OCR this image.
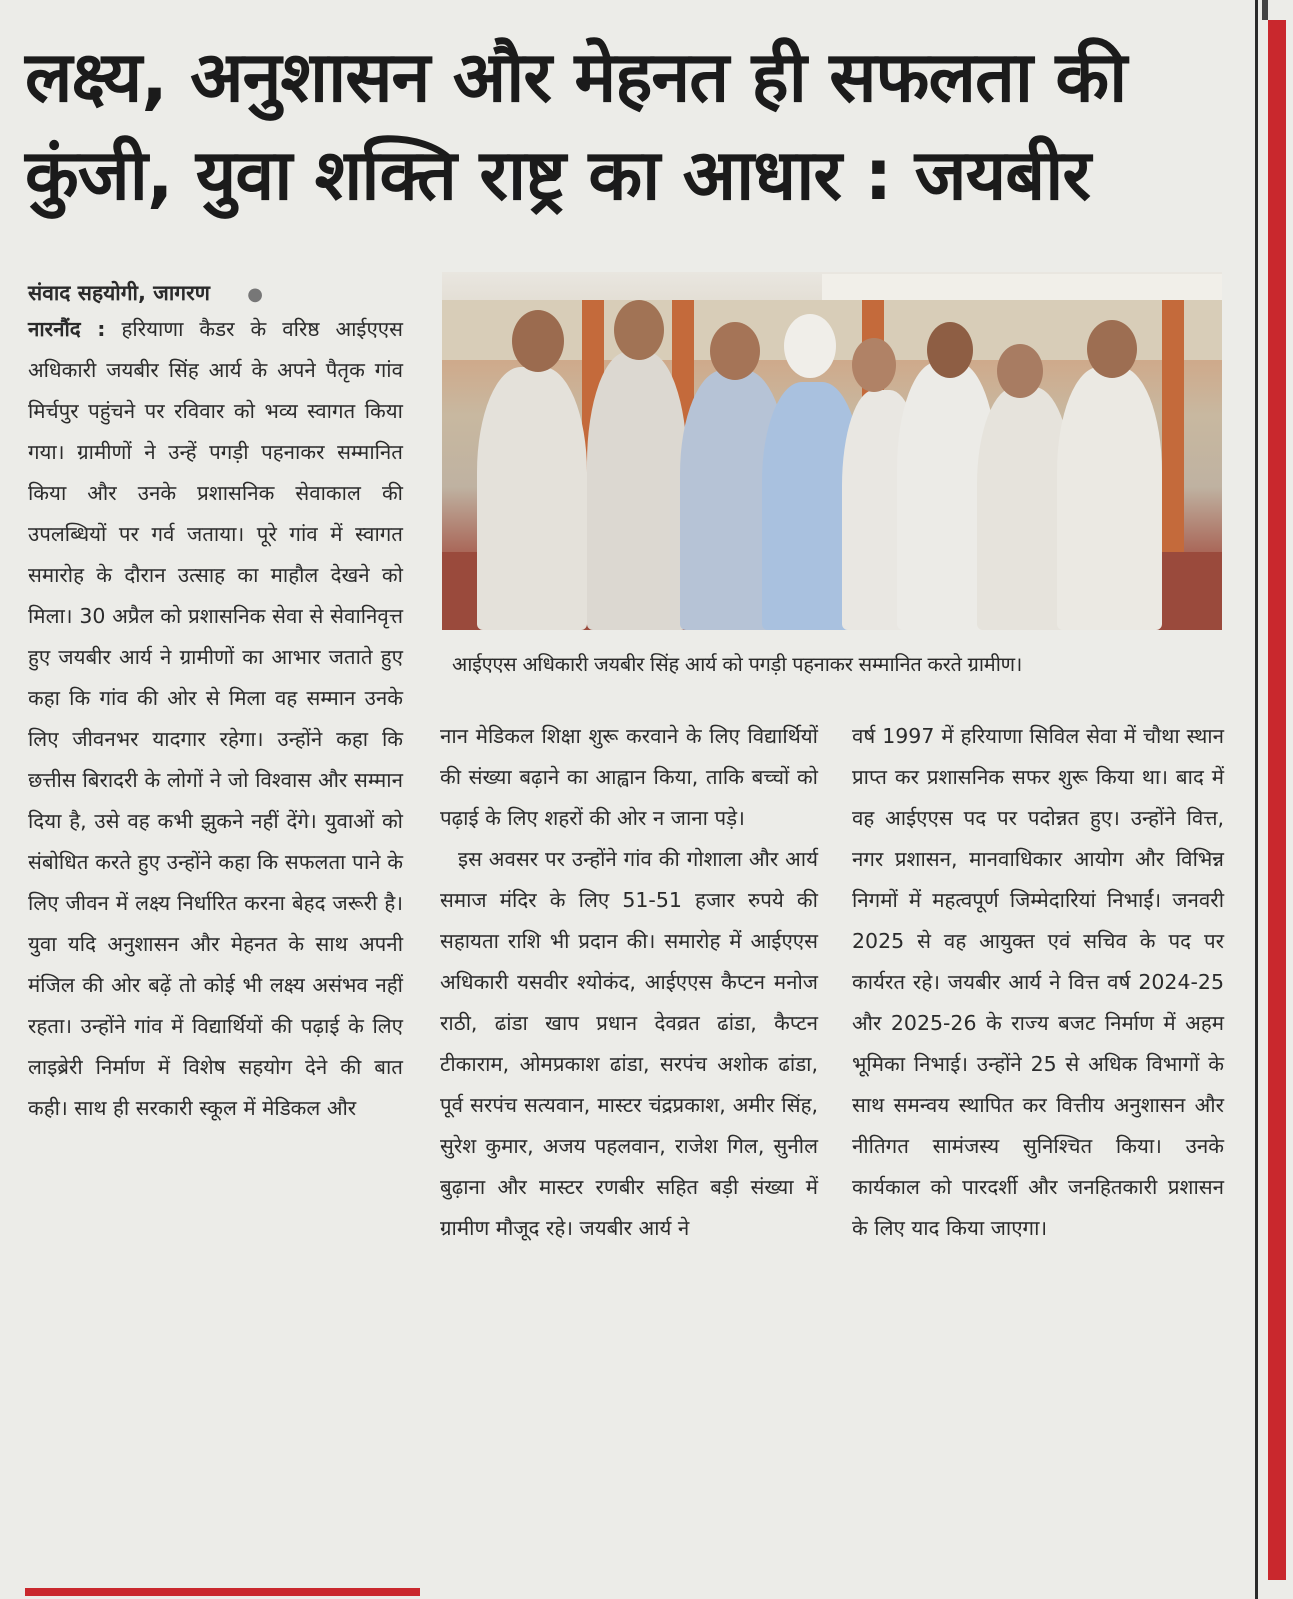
लक्ष्य, अनुशासन और मेहनत ही सफलता की
कुंजी, युवा शक्ति राष्ट्र का आधार : जयबीर

संवाद सहयोगी, जागरण ●

नारनौंद : हरियाणा कैडर के वरिष्ठ आईएएस अधिकारी जयबीर सिंह आर्य के अपने पैतृक गांव मिर्चपुर पहुंचने पर रविवार को भव्य स्वागत किया गया। ग्रामीणों ने उन्हें पगड़ी पहनाकर सम्मानित किया और उनके प्रशासनिक सेवाकाल की उपलब्धियों पर गर्व जताया। पूरे गांव में स्वागत समारोह के दौरान उत्साह का माहौल देखने को मिला। 30 अप्रैल को प्रशासनिक सेवा से सेवानिवृत्त हुए जयबीर आर्य ने ग्रामीणों का आभार जताते हुए कहा कि गांव की ओर से मिला वह सम्मान उनके लिए जीवनभर यादगार रहेगा। उन्होंने कहा कि छत्तीस बिरादरी के लोगों ने जो विश्वास और सम्मान दिया है, उसे वह कभी झुकने नहीं देंगे। युवाओं को संबोधित करते हुए उन्होंने कहा कि सफलता पाने के लिए जीवन में लक्ष्य निर्धारित करना बेहद जरूरी है। युवा यदि अनुशासन और मेहनत के साथ अपनी मंजिल की ओर बढ़ें तो कोई भी लक्ष्य असंभव नहीं रहता। उन्होंने गांव में विद्यार्थियों की पढ़ाई के लिए लाइब्रेरी निर्माण में विशेष सहयोग देने की बात कही। साथ ही सरकारी स्कूल में मेडिकल और

आईएएस अधिकारी जयबीर सिंह आर्य को पगड़ी पहनाकर सम्मानित करते ग्रामीण।

नान मेडिकल शिक्षा शुरू करवाने के लिए विद्यार्थियों की संख्या बढ़ाने का आह्वान किया, ताकि बच्चों को पढ़ाई के लिए शहरों की ओर न जाना पड़े।
इस अवसर पर उन्होंने गांव की गोशाला और आर्य समाज मंदिर के लिए 51-51 हजार रुपये की सहायता राशि भी प्रदान की। समारोह में आईएएस अधिकारी यसवीर श्योकंद, आईएएस कैप्टन मनोज राठी, ढांडा खाप प्रधान देवव्रत ढांडा, कैप्टन टीकाराम, ओमप्रकाश ढांडा, सरपंच अशोक ढांडा, पूर्व सरपंच सत्यवान, मास्टर चंद्रप्रकाश, अमीर सिंह, सुरेश कुमार, अजय पहलवान, राजेश गिल, सुनील बुढ़ाना और मास्टर रणबीर सहित बड़ी संख्या में ग्रामीण मौजूद रहे। जयबीर आर्य ने

वर्ष 1997 में हरियाणा सिविल सेवा में चौथा स्थान प्राप्त कर प्रशासनिक सफर शुरू किया था। बाद में वह आईएएस पद पर पदोन्नत हुए। उन्होंने वित्त, नगर प्रशासन, मानवाधिकार आयोग और विभिन्न निगमों में महत्वपूर्ण जिम्मेदारियां निभाईं। जनवरी 2025 से वह आयुक्त एवं सचिव के पद पर कार्यरत रहे। जयबीर आर्य ने वित्त वर्ष 2024-25 और 2025-26 के राज्य बजट निर्माण में अहम भूमिका निभाई। उन्होंने 25 से अधिक विभागों के साथ समन्वय स्थापित कर वित्तीय अनुशासन और नीतिगत सामंजस्य सुनिश्चित किया। उनके कार्यकाल को पारदर्शी और जनहितकारी प्रशासन के लिए याद किया जाएगा।
